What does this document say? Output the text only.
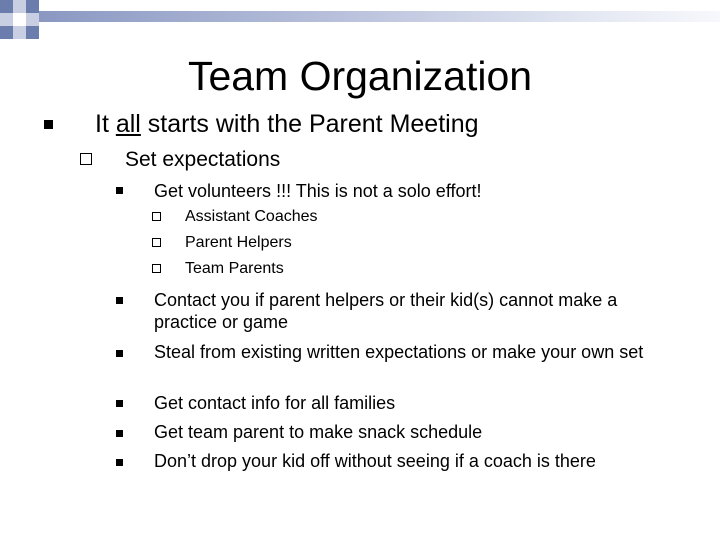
Team Organization
It all starts with the Parent Meeting
Set expectations
Get volunteers !!! This is not a solo effort!
Assistant Coaches
Parent Helpers
Team Parents
Contact you if parent helpers or their kid(s) cannot make a practice or game
Steal from existing written expectations or make your own set
Get contact info for all families
Get team parent to make snack schedule
Don’t drop your kid off without seeing if a coach is there
